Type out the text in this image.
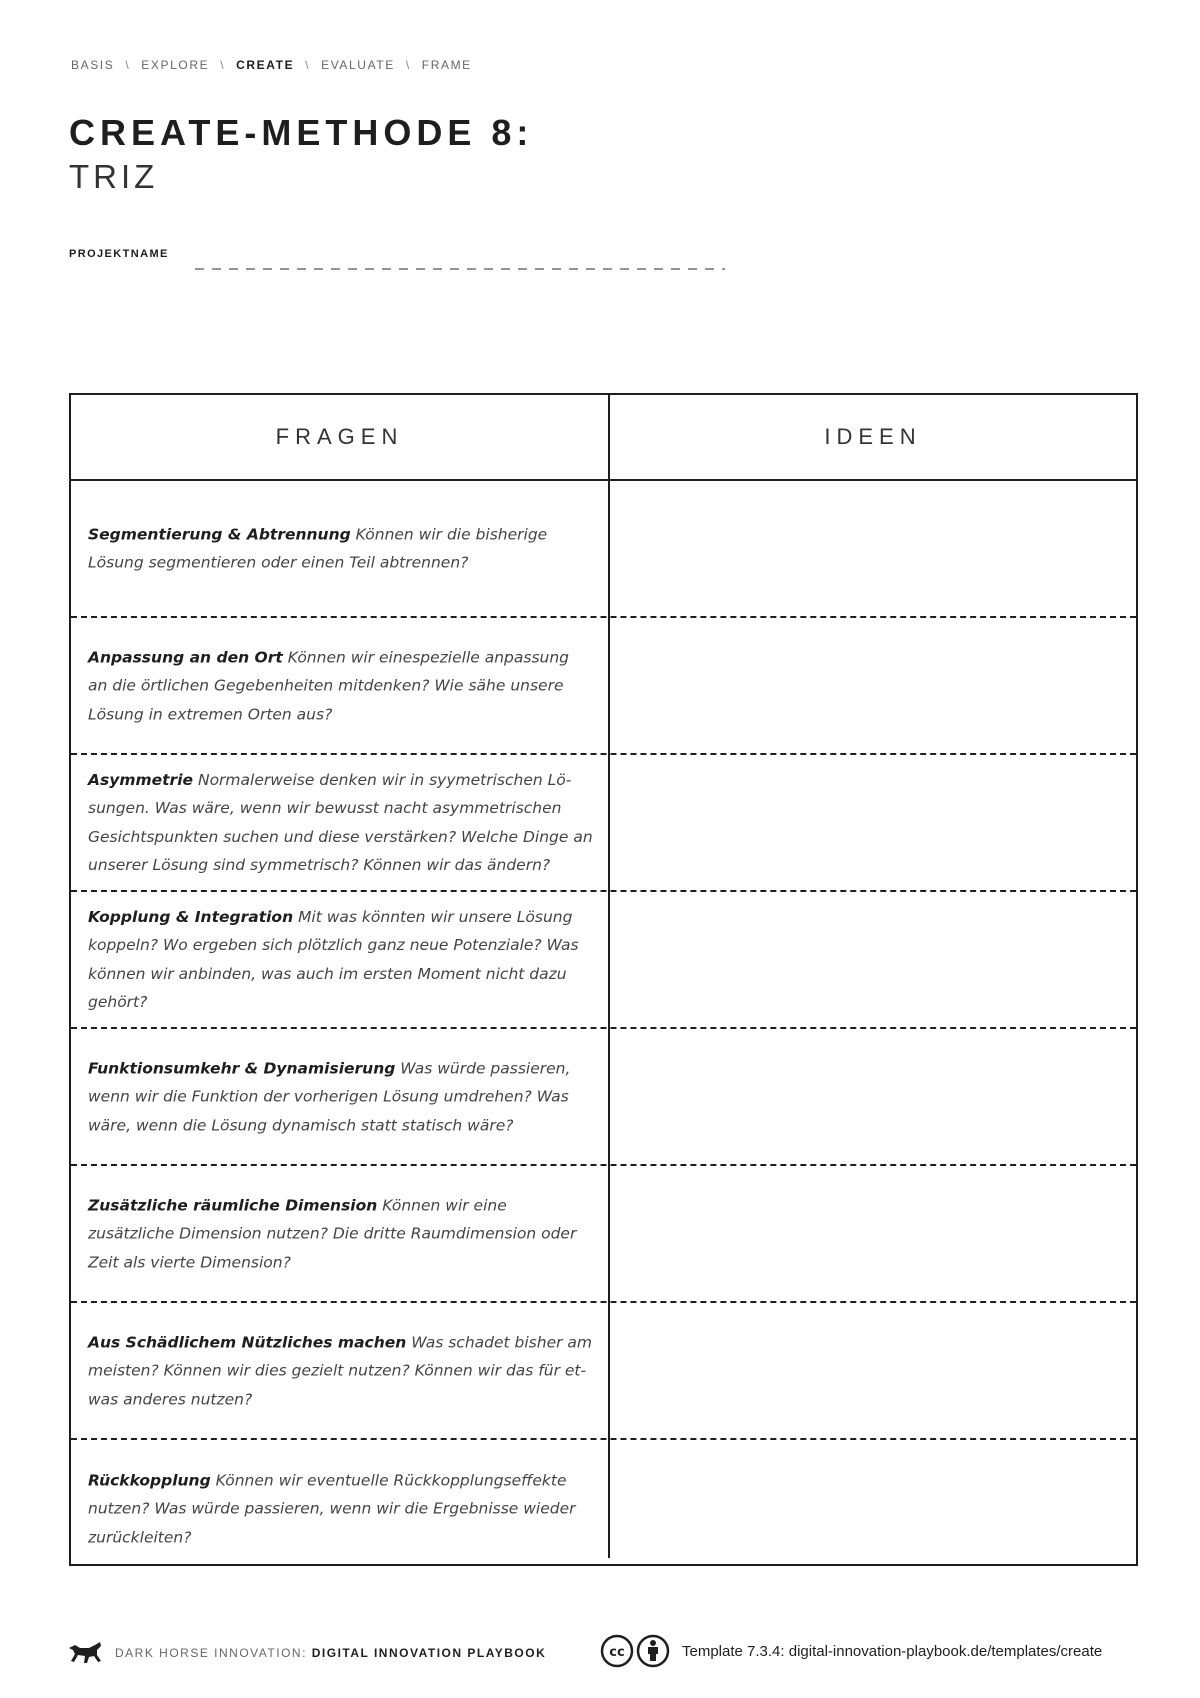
BASIS \ EXPLORE \ CREATE \ EVALUATE \ FRAME
CREATE-METHODE 8:
TRIZ
PROJEKTNAME
FRAGEN	IDEEN
Segmentierung & Abtrennung Können wir die bisherige Lösung segmentieren oder einen Teil abtrennen?
Anpassung an den Ort Können wir einespezielle anpassung an die örtlichen Gegebenheiten mitdenken? Wie sähe unsere Lösung in extremen Orten aus?
Asymmetrie Normalerweise denken wir in syymetrischen Lö-sungen. Was wäre, wenn wir bewusst nacht asymmetrischen Gesichtspunkten suchen und diese verstärken? Welche Dinge an unserer Lösung sind symmetrisch? Können wir das ändern?
Kopplung & Integration Mit was könnten wir unsere Lösung koppeln? Wo ergeben sich plötzlich ganz neue Potenziale? Was können wir anbinden, was auch im ersten Moment nicht dazu gehört?
Funktionsumkehr & Dynamisierung Was würde passieren, wenn wir die Funktion der vorherigen Lösung umdrehen? Was wäre, wenn die Lösung dynamisch statt statisch wäre?
Zusätzliche räumliche Dimension Können wir eine zusätzliche Dimension nutzen? Die dritte Raumdimension oder Zeit als vierte Dimension?
Aus Schädlichem Nützliches machen Was schadet bisher am meisten? Können wir dies gezielt nutzen? Können wir das für et-was anderes nutzen?
Rückkopplung Können wir eventuelle Rückkopplungseffekte nutzen? Was würde passieren, wenn wir die Ergebnisse wieder zurückleiten?
DARK HORSE INNOVATION: DIGITAL INNOVATION PLAYBOOK	cc	Template 7.3.4: digital-innovation-playbook.de/templates/create
